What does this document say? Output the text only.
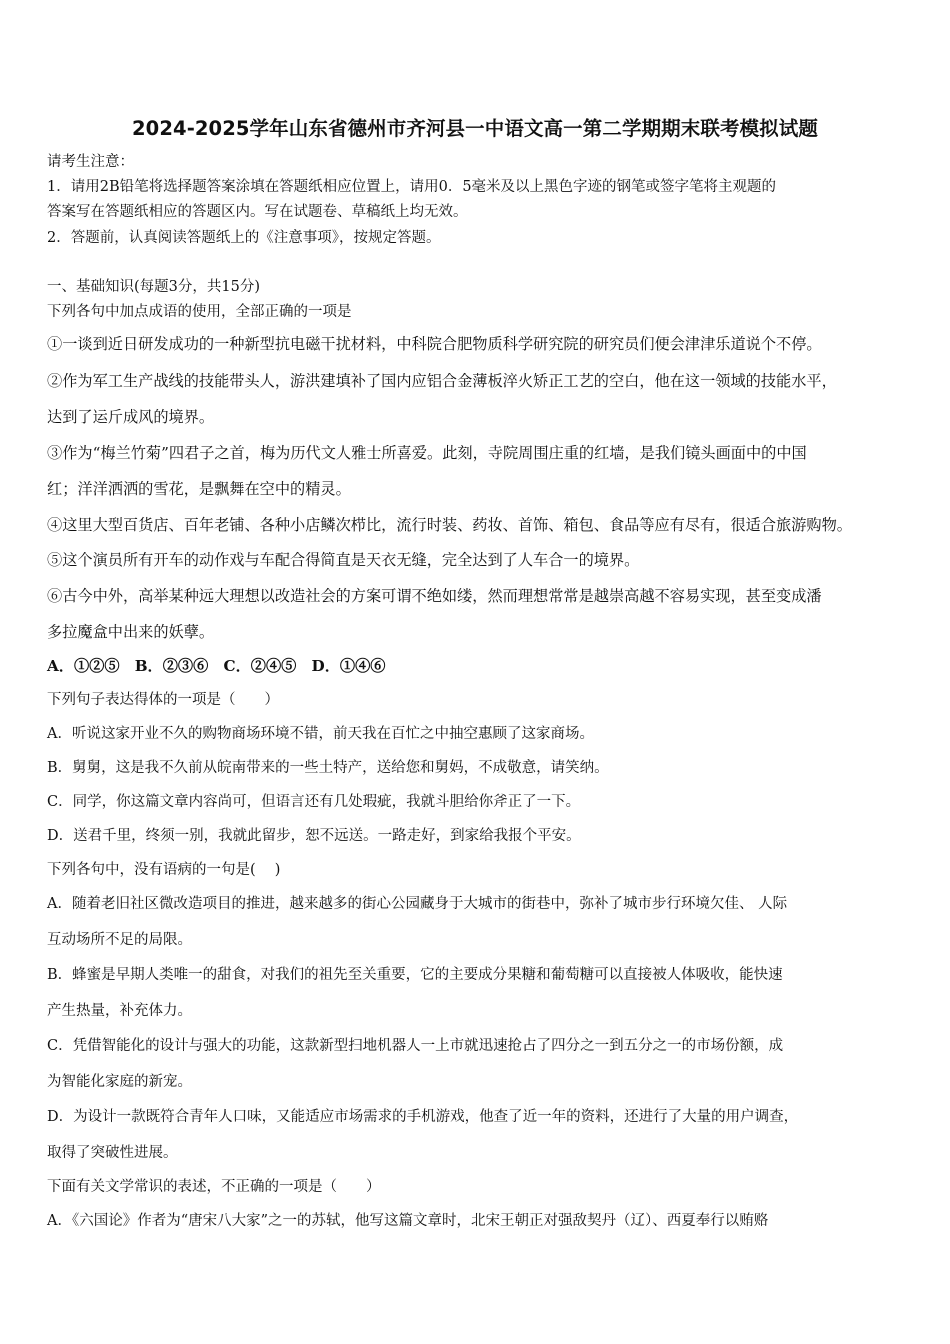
2024-2025学年山东省德州市齐河县一中语文高一第二学期期末联考模拟试题
请考生注意：
1．请用2B铅笔将选择题答案涂填在答题纸相应位置上，请用0．5毫米及以上黑色字迹的钢笔或签字笔将主观题的
答案写在答题纸相应的答题区内。写在试题卷、草稿纸上均无效。
2．答题前，认真阅读答题纸上的《注意事项》，按规定答题。
一、基础知识(每题3分，共15分)
下列各句中加点成语的使用，全部正确的一项是
①一谈到近日研发成功的一种新型抗电磁干扰材料，中科院合肥物质科学研究院的研究员们便会津津乐道说个不停。
②作为军工生产战线的技能带头人，游洪建填补了国内应铝合金薄板淬火矫正工艺的空白，他在这一领域的技能水平，
达到了运斤成风的境界。
③作为“梅兰竹菊”四君子之首，梅为历代文人雅士所喜爱。此刻，寺院周围庄重的红墙，是我们镜头画面中的中国
红；洋洋洒洒的雪花，是飘舞在空中的精灵。
④这里大型百货店、百年老铺、各种小店鳞次栉比，流行时装、药妆、首饰、箱包、食品等应有尽有，很适合旅游购物。
⑤这个演员所有开车的动作戏与车配合得简直是天衣无缝，完全达到了人车合一的境界。
⑥古今中外，高举某种远大理想以改造社会的方案可谓不绝如缕，然而理想常常是越崇高越不容易实现，甚至变成潘
多拉魔盒中出来的妖孽。
A．①②⑤　B．②③⑥　C．②④⑤　D．①④⑥
下列句子表达得体的一项是（　　）
A．听说这家开业不久的购物商场环境不错，前天我在百忙之中抽空惠顾了这家商场。
B．舅舅，这是我不久前从皖南带来的一些土特产，送给您和舅妈，不成敬意，请笑纳。
C．同学，你这篇文章内容尚可，但语言还有几处瑕疵，我就斗胆给你斧正了一下。
D．送君千里，终须一别，我就此留步，恕不远送。一路走好，到家给我报个平安。
下列各句中，没有语病的一句是(　 )
A．随着老旧社区微改造项目的推进，越来越多的街心公园藏身于大城市的街巷中，弥补了城市步行环境欠佳、 人际
互动场所不足的局限。
B．蜂蜜是早期人类唯一的甜食，对我们的祖先至关重要，它的主要成分果糖和葡萄糖可以直接被人体吸收，能快速
产生热量，补充体力。
C．凭借智能化的设计与强大的功能，这款新型扫地机器人一上市就迅速抢占了四分之一到五分之一的市场份额，成
为智能化家庭的新宠。
D．为设计一款既符合青年人口味，又能适应市场需求的手机游戏，他查了近一年的资料，还进行了大量的用户调查，
取得了突破性进展。
下面有关文学常识的表述，不正确的一项是（　　）
A．《六国论》作者为“唐宋八大家”之一的苏轼，他写这篇文章时，北宋王朝正对强敌契丹（辽）、西夏奉行以贿赂
